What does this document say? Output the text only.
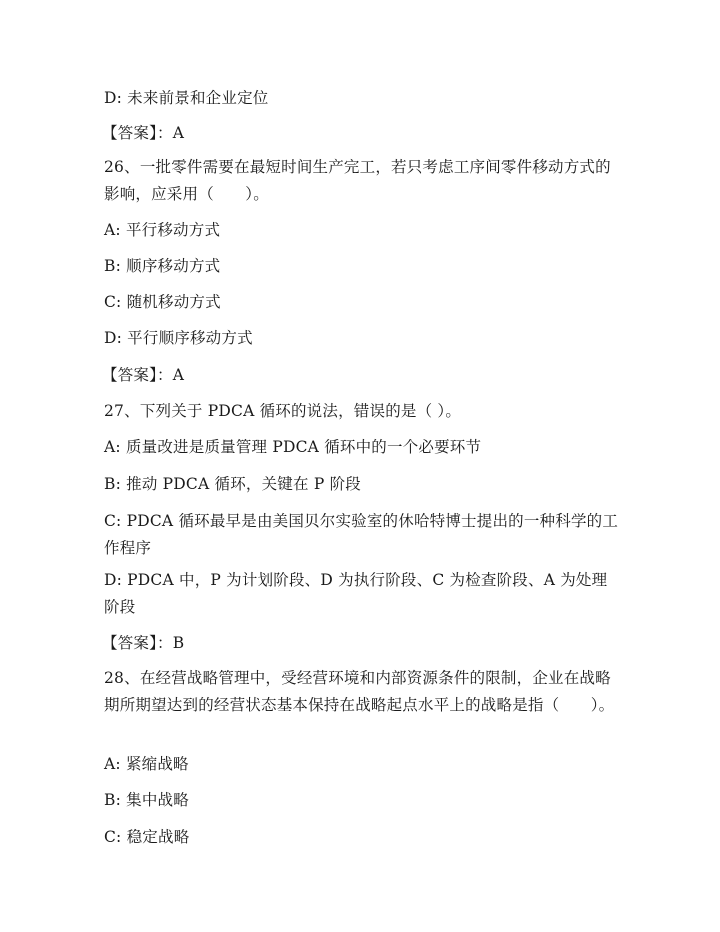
D: 未来前景和企业定位
【答案】：A
26、一批零件需要在最短时间生产完工，若只考虑工序间零件移动方式的影响，应采用（　　）。
A: 平行移动方式
B: 顺序移动方式
C: 随机移动方式
D: 平行顺序移动方式
【答案】：A
27、下列关于 PDCA 循环的说法，错误的是（ ）。
A: 质量改进是质量管理 PDCA 循环中的一个必要环节
B: 推动 PDCA 循环，关键在 P 阶段
C: PDCA 循环最早是由美国贝尔实验室的休哈特博士提出的一种科学的工作程序
D: PDCA 中，P 为计划阶段、D 为执行阶段、C 为检查阶段、A 为处理阶段
【答案】：B
28、在经营战略管理中，受经营环境和内部资源条件的限制，企业在战略期所期望达到的经营状态基本保持在战略起点水平上的战略是指（　　）。
A: 紧缩战略
B: 集中战略
C: 稳定战略
